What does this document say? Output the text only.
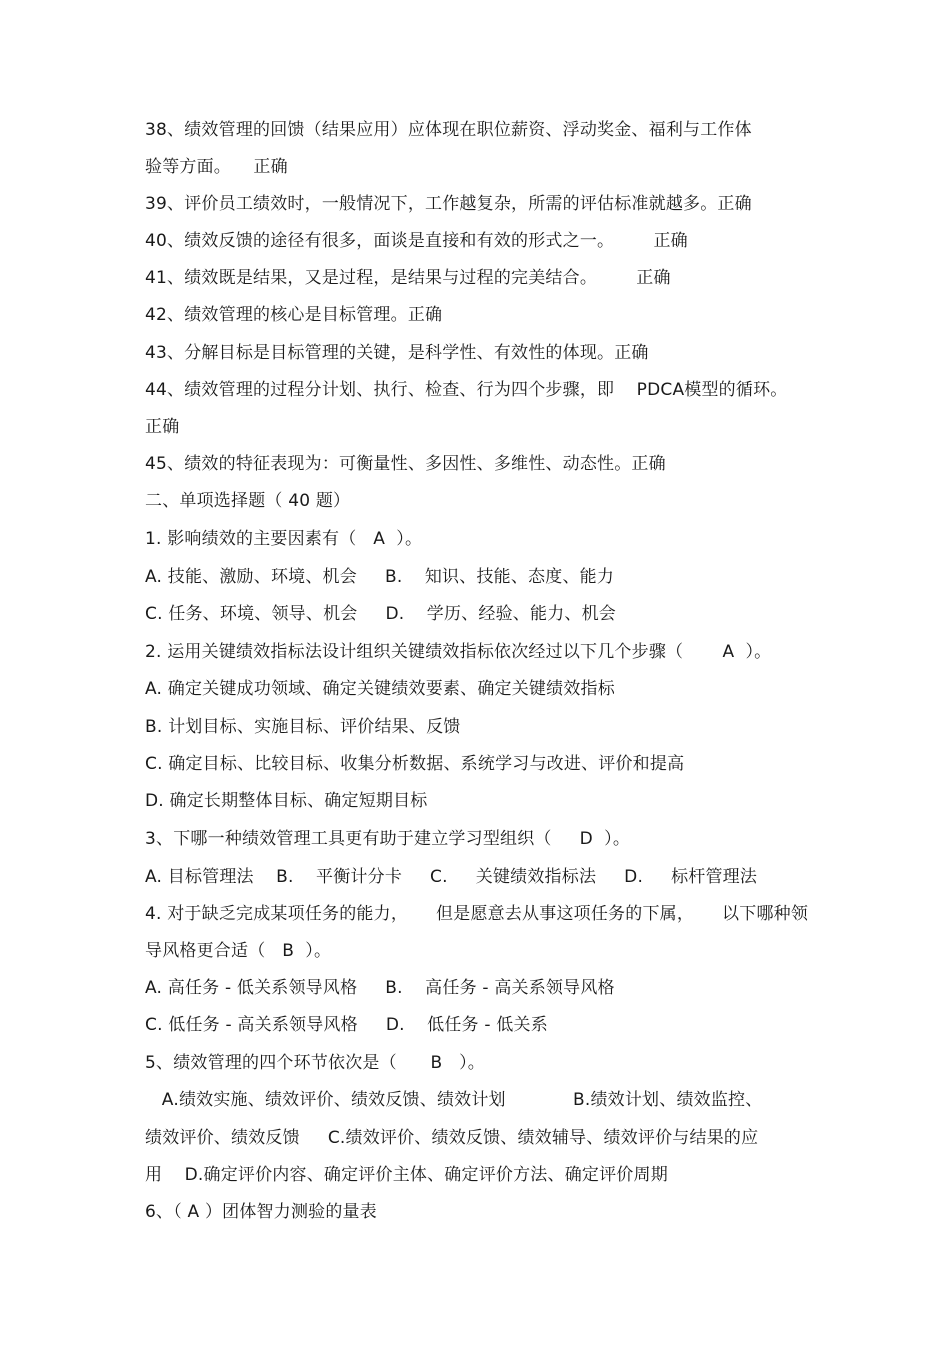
38、绩效管理的回馈（结果应用）应体现在职位薪资、浮动奖金、福利与工作体
验等方面。    正确
39、评价员工绩效时，一般情况下，工作越复杂，所需的评估标准就越多。正确
40、绩效反馈的途径有很多，面谈是直接和有效的形式之一。       正确
41、绩效既是结果，又是过程，是结果与过程的完美结合。       正确
42、绩效管理的核心是目标管理。正确
43、分解目标是目标管理的关键，是科学性、有效性的体现。正确
44、绩效管理的过程分计划、执行、检查、行为四个步骤，即    PDCA模型的循环。
正确
45、绩效的特征表现为：可衡量性、多因性、多维性、动态性。正确
二、单项选择题（ 40 题）
1. 影响绩效的主要因素有（   A  ）。
A. 技能、激励、环境、机会     B.    知识、技能、态度、能力
C. 任务、环境、领导、机会     D.    学历、经验、能力、机会
2. 运用关键绩效指标法设计组织关键绩效指标依次经过以下几个步骤（       A  ）。
A. 确定关键成功领域、确定关键绩效要素、确定关键绩效指标
B. 计划目标、实施目标、评价结果、反馈
C. 确定目标、比较目标、收集分析数据、系统学习与改进、评价和提高
D. 确定长期整体目标、确定短期目标
3、下哪一种绩效管理工具更有助于建立学习型组织（     D  ）。
A. 目标管理法    B.    平衡计分卡     C.     关键绩效指标法     D.     标杆管理法
4. 对于缺乏完成某项任务的能力，     但是愿意去从事这项任务的下属，     以下哪种领
导风格更合适（   B  ）。
A. 高任务 - 低关系领导风格     B.    高任务 - 高关系领导风格
C. 低任务 - 高关系领导风格     D.    低任务 - 低关系
5、绩效管理的四个环节依次是（      B   ）。
A.绩效实施、绩效评价、绩效反馈、绩效计划            B.绩效计划、绩效监控、
绩效评价、绩效反馈     C.绩效评价、绩效反馈、绩效辅导、绩效评价与结果的应
用    D.确定评价内容、确定评价主体、确定评价方法、确定评价周期
6、（ A ）团体智力测验的量表
